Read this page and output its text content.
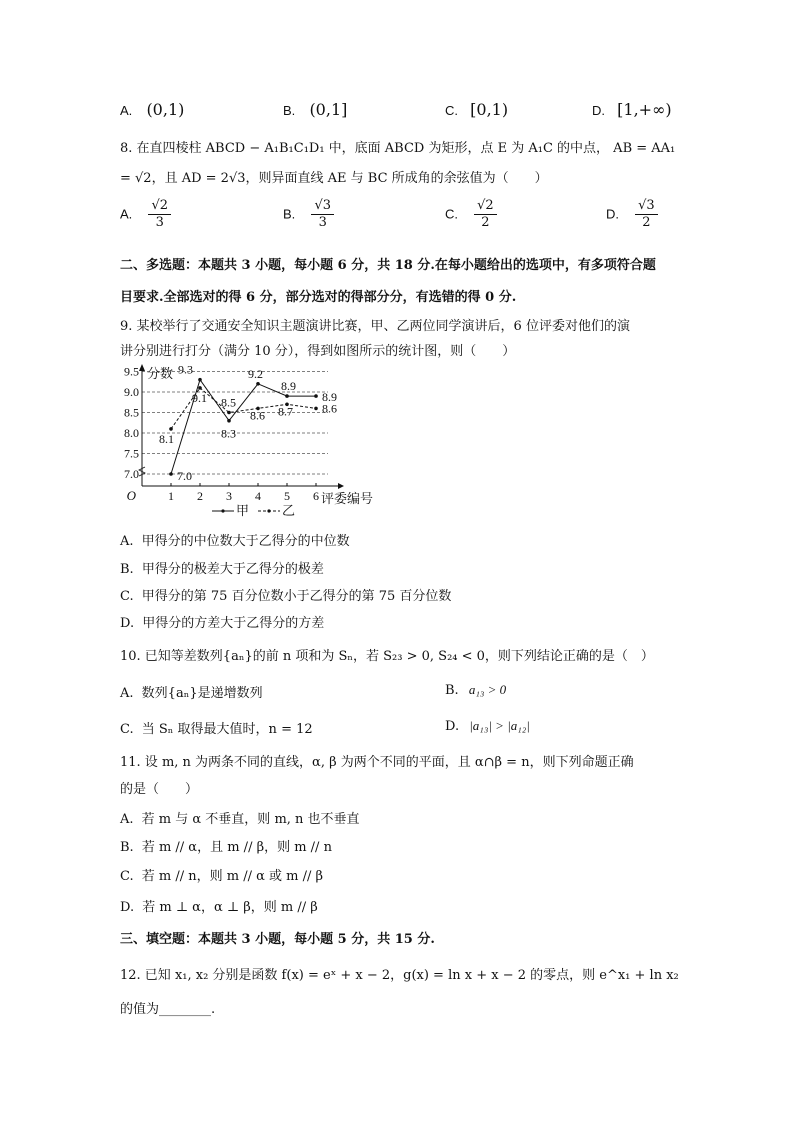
A. (0,1)	B. (0,1]	C. [0,1)	D. [1,+∞)
8. 在直四棱柱 ABCD − A₁B₁C₁D₁ 中，底面 ABCD 为矩形，点 E 为 A₁C 的中点， AB = AA₁
= √2，且 AD = 2√3，则异面直线 AE 与 BC 所成角的余弦值为（　　）
A. $\frac{√2}{3}$	B. $\frac{√3}{3}$	C. $\frac{√2}{2}$	D. $\frac{√3}{2}$
二、多选题：本题共 3 小题，每小题 6 分，共 18 分.在每小题给出的选项中，有多项符合题
目要求.全部选对的得 6 分，部分选对的得部分分，有选错的得 0 分.
9. 某校举行了交通安全知识主题演讲比赛，甲、乙两位同学演讲后，6 位评委对他们的演
讲分别进行打分（满分 10 分），得到如图所示的统计图，则（　　）
7.0
7.5
8.0
8.5
9.0
9.5
1 2 3 4 5 6
O
分数
评委编号
7.0
9.3
8.3
9.2
8.9
8.9
8.1
9.1 8.5
8.6 8.7 8.6
甲	乙
A. 甲得分的中位数大于乙得分的中位数
B. 甲得分的极差大于乙得分的极差
C. 甲得分的第 75 百分位数小于乙得分的第 75 百分位数
D. 甲得分的方差大于乙得分的方差
10. 已知等差数列{aₙ}的前 n 项和为 Sₙ，若 S₂₃ > 0, S₂₄ < 0，则下列结论正确的是（　）
A. 数列{aₙ}是递增数列	B. a₁₃ > 0
C. 当 Sₙ 取得最大值时，n = 12	D. |a₁₃| > |a₁₂|
11. 设 m, n 为两条不同的直线，α, β 为两个不同的平面，且 α∩β = n，则下列命题正确
的是（　　）
A. 若 m 与 α 不垂直，则 m, n 也不垂直
B. 若 m // α，且 m // β，则 m // n
C. 若 m // n，则 m // α 或 m // β
D. 若 m ⊥ α，α ⊥ β，则 m // β
三、填空题：本题共 3 小题，每小题 5 分，共 15 分.
12. 已知 x₁, x₂ 分别是函数 f(x) = eˣ + x − 2，g(x) = ln x + x − 2 的零点，则 e^x₁ + ln x₂
的值为________.
